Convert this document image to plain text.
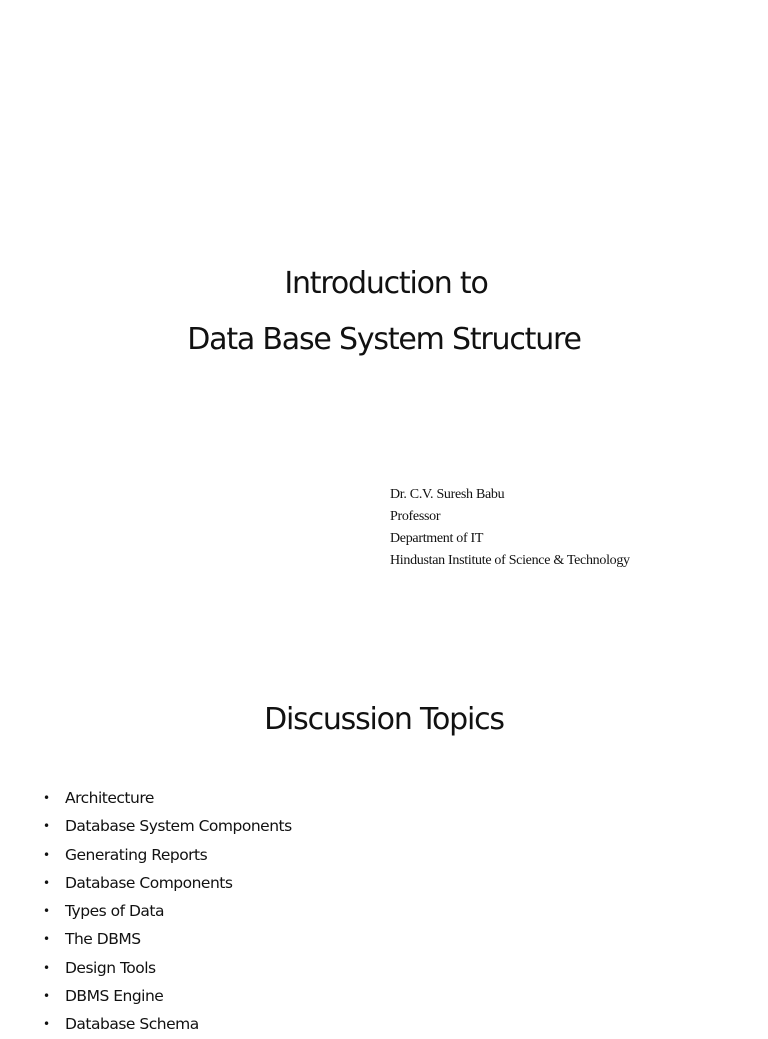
Introduction to
Data Base System Structure
Dr. C.V. Suresh Babu
Professor
Department of IT
Hindustan Institute of Science & Technology
Discussion Topics
• Architecture
• Database System Components
• Generating Reports
• Database Components
• Types of Data
• The DBMS
• Design Tools
• DBMS Engine
• Database Schema
